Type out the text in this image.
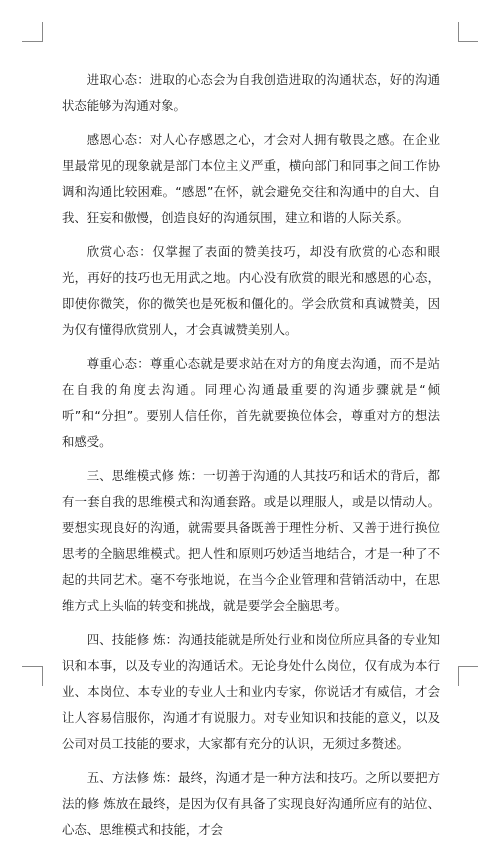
进取心态：进取的心态会为自我创造进取的沟通状态，好的沟通状态能够为沟通对象。

感恩心态：对人心存感恩之心，才会对人拥有敬畏之感。在企业里最常见的现象就是部门本位主义严重，横向部门和同事之间工作协调和沟通比较困难。“感恩”在怀，就会避免交往和沟通中的自大、自我、狂妄和傲慢，创造良好的沟通氛围，建立和谐的人际关系。

欣赏心态：仅掌握了表面的赞美技巧，却没有欣赏的心态和眼光，再好的技巧也无用武之地。内心没有欣赏的眼光和感恩的心态，即使你微笑，你的微笑也是死板和僵化的。学会欣赏和真诚赞美，因为仅有懂得欣赏别人，才会真诚赞美别人。

尊重心态：尊重心态就是要求站在对方的角度去沟通，而不是站在自我的角度去沟通。同理心沟通最重要的沟通步骤就是“倾听”和“分担”。要别人信任你，首先就要换位体会，尊重对方的想法和感受。

三、思维模式修 炼：一切善于沟通的人其技巧和话术的背后，都有一套自我的思维模式和沟通套路。或是以理服人，或是以情动人。要想实现良好的沟通，就需要具备既善于理性分析、又善于进行换位思考的全脑思维模式。把人性和原则巧妙适当地结合，才是一种了不起的共同艺术。毫不夸张地说，在当今企业管理和营销活动中，在思维方式上头临的转变和挑战，就是要学会全脑思考。

四、技能修 炼：沟通技能就是所处行业和岗位所应具备的专业知识和本事，以及专业的沟通话术。无论身处什么岗位，仅有成为本行业、本岗位、本专业的专业人士和业内专家，你说话才有威信，才会让人容易信服你，沟通才有说服力。对专业知识和技能的意义，以及公司对员工技能的要求，大家都有充分的认识，无须过多赘述。

五、方法修 炼：最终，沟通才是一种方法和技巧。之所以要把方法的修 炼放在最终，是因为仅有具备了实现良好沟通所应有的站位、心态、思维模式和技能，才会
